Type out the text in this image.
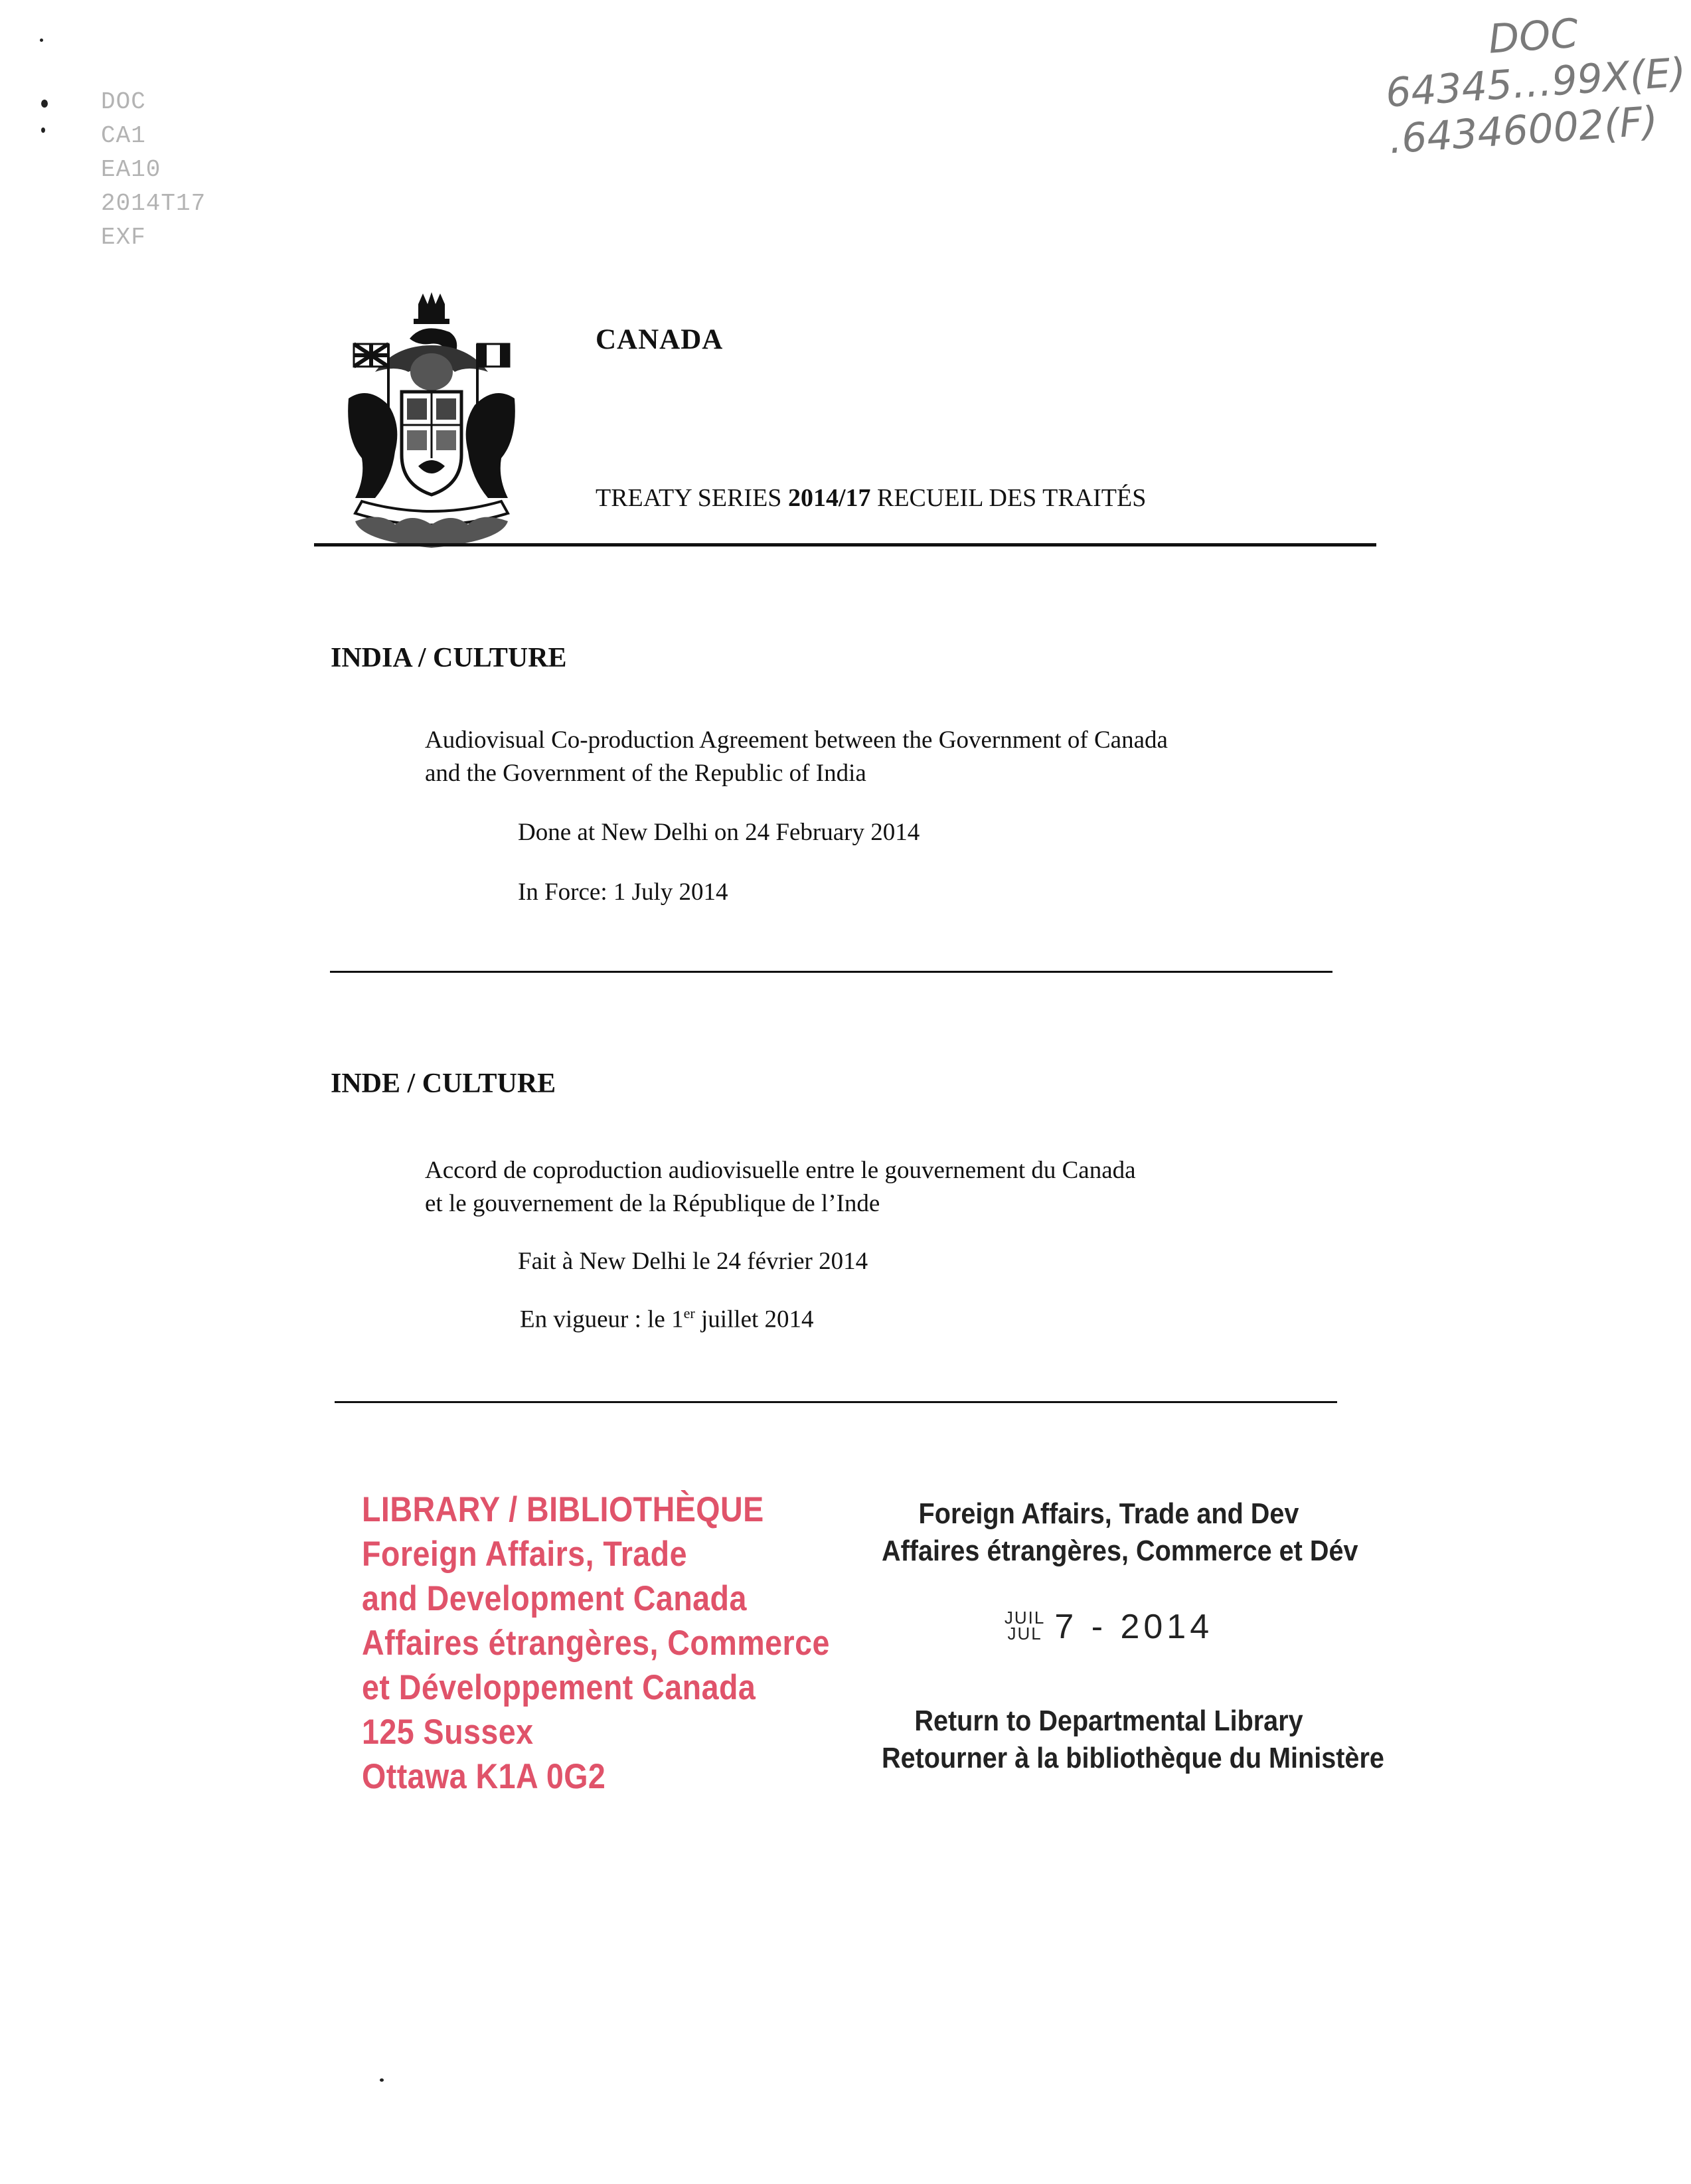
DOC
CA1
EA10
2014T17
EXF
DOC
64345…99X(E)
.64346002(F)
CANADA
TREATY SERIES 2014/17 RECUEIL DES TRAITÉS
INDIA / CULTURE
Audiovisual Co-production Agreement between the Government of Canada
and the Government of the Republic of India
Done at New Delhi on 24 February 2014
In Force: 1 July 2014
INDE / CULTURE
Accord de coproduction audiovisuelle entre le gouvernement du Canada
et le gouvernement de la République de l’Inde
Fait à New Delhi le 24 février 2014
En vigueur : le 1er juillet 2014
LIBRARY / BIBLIOTHÈQUE
Foreign Affairs, Trade
and Development Canada
Affaires étrangères, Commerce
et Développement Canada
125 Sussex
Ottawa K1A 0G2
Foreign Affairs, Trade and Dev
Affaires étrangères, Commerce et Dév
JUIL
JUL 7 - 2014
Return to Departmental Library
Retourner à la bibliothèque du Ministère
